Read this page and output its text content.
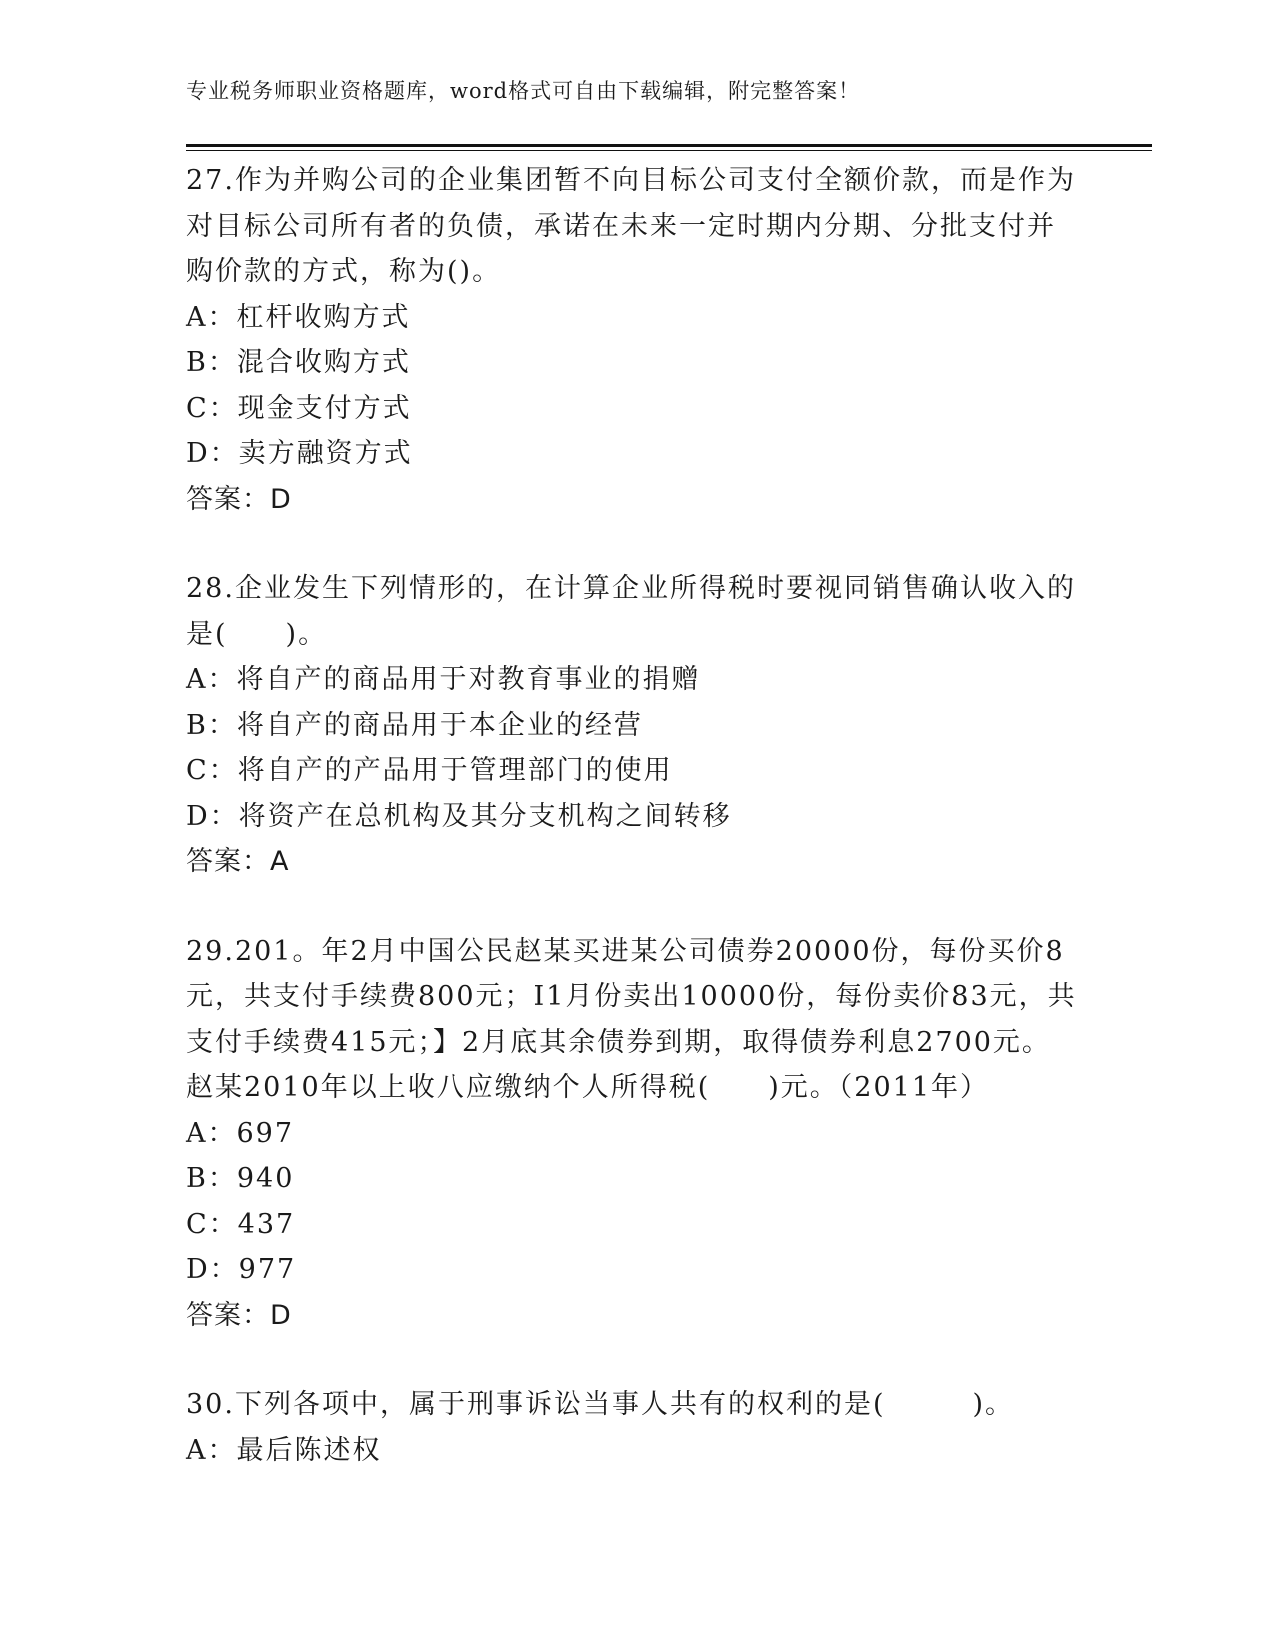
专业税务师职业资格题库，word格式可自由下载编辑，附完整答案！
27.作为并购公司的企业集团暂不向目标公司支付全额价款，而是作为
对目标公司所有者的负债，承诺在未来一定时期内分期、分批支付并
购价款的方式，称为()。
A：杠杆收购方式
B：混合收购方式
C：现金支付方式
D：卖方融资方式
答案：D
28.企业发生下列情形的，在计算企业所得税时要视同销售确认收入的
是(　　)。
A：将自产的商品用于对教育事业的捐赠
B：将自产的商品用于本企业的经营
C：将自产的产品用于管理部门的使用
D：将资产在总机构及其分支机构之间转移
答案：A
29.201。年2月中国公民赵某买进某公司债券20000份，每份买价8
元，共支付手续费800元；I1月份卖出10000份，每份卖价83元，共
支付手续费415元；】2月底其余债券到期，取得债券利息2700元。
赵某2010年以上收八应缴纳个人所得税(　　)元。（2011年）
A：697
B：940
C：437
D：977
答案：D
30.下列各项中，属于刑事诉讼当事人共有的权利的是(　　　)。
A：最后陈述权
